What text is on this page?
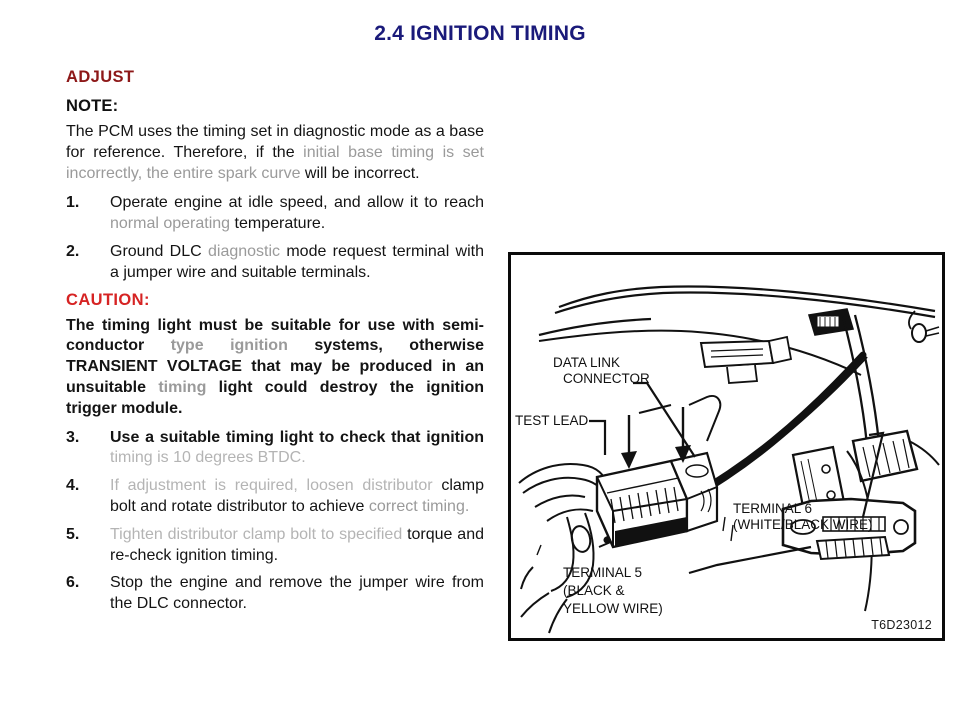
2.4 IGNITION TIMING
ADJUST
NOTE:

The PCM uses the timing set in diagnostic mode as a base for reference. Therefore, if the initial base timing is set incorrectly, the entire spark curve will be incorrect.

1.	Operate engine at idle speed, and allow it to reach normal operating temperature.
2.	Ground DLC diagnostic mode request terminal with a jumper wire and suitable terminals.
CAUTION:

The timing light must be suitable for use with semi-conductor type ignition systems, otherwise TRANSIENT VOLTAGE that may be produced in an unsuitable timing light could destroy the ignition trigger module.

3.	Use a suitable timing light to check that ignition timing is 10 degrees BTDC.
4.	If adjustment is required, loosen distributor clamp bolt and rotate distributor to achieve correct timing.
5.	Tighten distributor clamp bolt to specified torque and re-check ignition timing.
6.	Stop the engine and remove the jumper wire from the DLC connector.
DATA LINK
CONNECTOR
TEST LEAD
TERMINAL 6
(WHITE/BLACK WIRE)
TERMINAL 5
(BLACK &
YELLOW WIRE)
T6D23012
